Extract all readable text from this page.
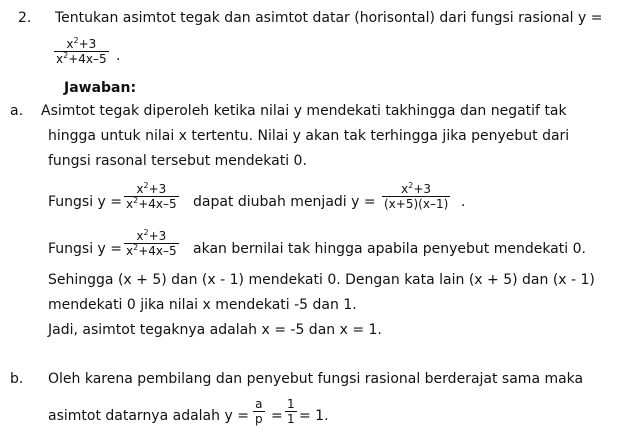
2. Tentukan asimtot tegak dan asimtot datar (horisontal) dari fungsi rasional y =
$\frac{x^2+3}{x^2+4x-5}$ .
Jawaban:
a. Asimtot tegak diperoleh ketika nilai y mendekati takhingga dan negatif tak
hingga untuk nilai x tertentu. Nilai y akan tak terhingga jika penyebut dari
fungsi rasonal tersebut mendekati 0.
Fungsi $y = \frac{x^2+3}{x^2+4x-5}$ dapat diubah menjadi $y = \frac{x^2+3}{(x+5)(x-1)}$ .
Fungsi $y = \frac{x^2+3}{x^2+4x-5}$ akan bernilai tak hingga apabila penyebut mendekati 0.
Sehingga (x + 5) dan (x - 1) mendekati 0. Dengan kata lain (x + 5) dan (x - 1)
mendekati 0 jika nilai x mendekati -5 dan 1.
Jadi, asimtot tegaknya adalah x = -5 dan x = 1.
b. Oleh karena pembilang dan penyebut fungsi rasional berderajat sama maka
asimtot datarnya adalah $y = \frac{a}{p} = \frac{1}{1} = 1$.
